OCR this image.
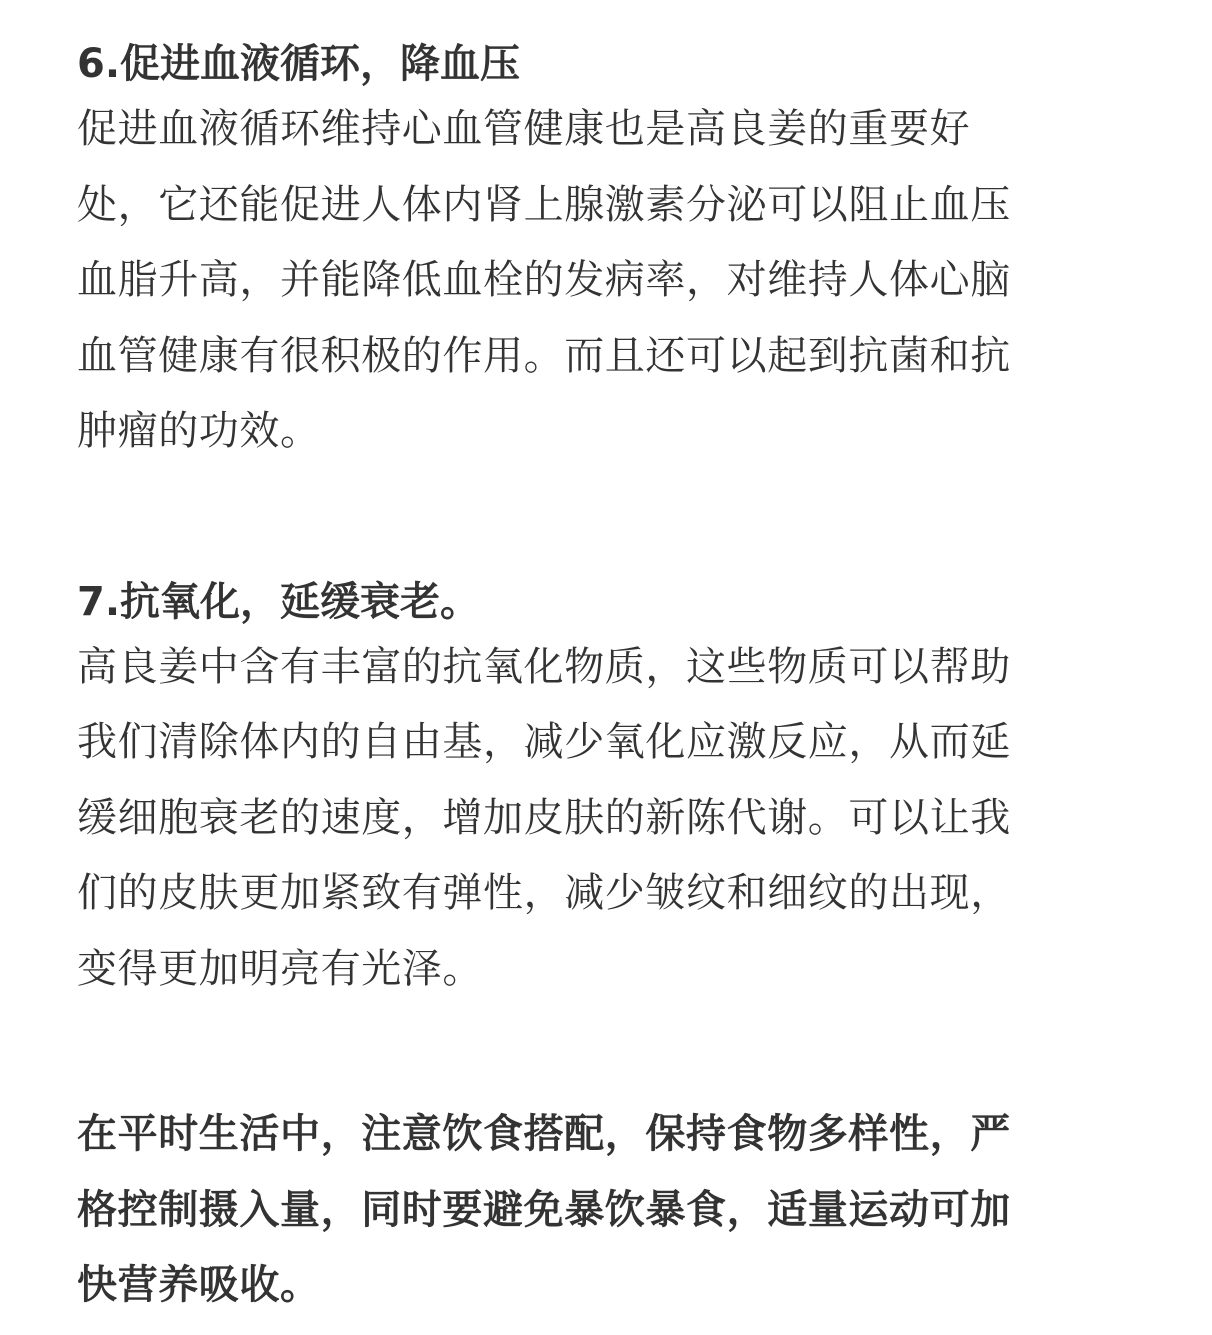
6.促进血液循环，降血压

促进血液循环维持心血管健康也是高良姜的重要好
处，它还能促进人体内肾上腺激素分泌可以阻止血压
血脂升高，并能降低血栓的发病率，对维持人体心脑
血管健康有很积极的作用。而且还可以起到抗菌和抗
肿瘤的功效。

7.抗氧化，延缓衰老。

高良姜中含有丰富的抗氧化物质，这些物质可以帮助
我们清除体内的自由基，减少氧化应激反应，从而延
缓细胞衰老的速度，增加皮肤的新陈代谢。可以让我
们的皮肤更加紧致有弹性，减少皱纹和细纹的出现，
变得更加明亮有光泽。

在平时生活中，注意饮食搭配，保持食物多样性，严
格控制摄入量，同时要避免暴饮暴食，适量运动可加
快营养吸收。
